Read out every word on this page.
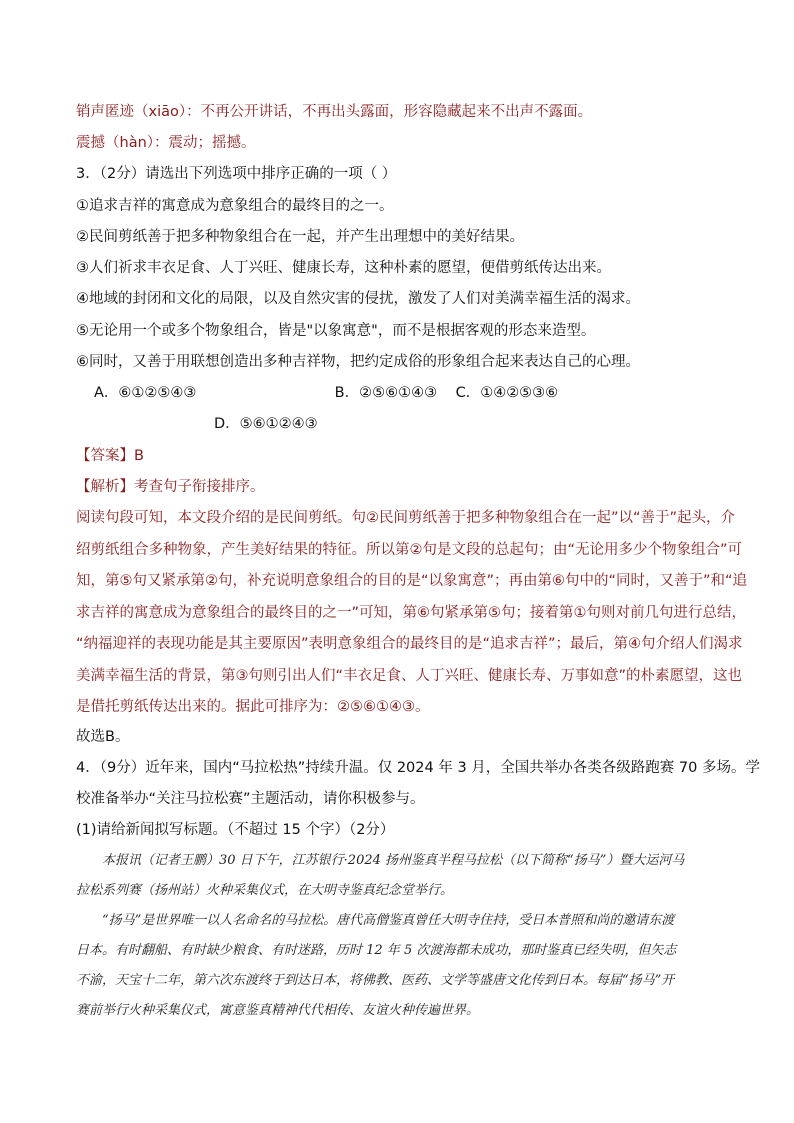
销声匿迹（xiāo）：不再公开讲话，不再出头露面，形容隐藏起来不出声不露面。
震撼（hàn）：震动；摇撼。
3．（2分）请选出下列选项中排序正确的一项（ ）
①追求吉祥的寓意成为意象组合的最终目的之一。
②民间剪纸善于把多种物象组合在一起，并产生出理想中的美好结果。
③人们祈求丰衣足食、人丁兴旺、健康长寿，这种朴素的愿望，便借剪纸传达出来。
④地域的封闭和文化的局限，以及自然灾害的侵扰，激发了人们对美满幸福生活的渴求。
⑤无论用一个或多个物象组合，皆是"以象寓意"，而不是根据客观的形态来造型。
⑥同时，又善于用联想创造出多种吉祥物，把约定成俗的形象组合起来表达自己的心理。
A．⑥①②⑤④③                              B．②⑤⑥①④③    C．①④②⑤③⑥
D．⑤⑥①②④③
【答案】B
【解析】考查句子衔接排序。
阅读句段可知，本文段介绍的是民间剪纸。句②民间剪纸善于把多种物象组合在一起”以“善于”起头，介
绍剪纸组合多种物象，产生美好结果的特征。所以第②句是文段的总起句；由“无论用多少个物象组合”可
知，第⑤句又紧承第②句，补充说明意象组合的目的是“以象寓意”；再由第⑥句中的“同时，又善于”和“追
求吉祥的寓意成为意象组合的最终目的之一”可知，第⑥句紧承第⑤句；接着第①句则对前几句进行总结，
“纳福迎祥的表现功能是其主要原因”表明意象组合的最终目的是“追求吉祥”；最后，第④句介绍人们渴求
美满幸福生活的背景，第③句则引出人们“丰衣足食、人丁兴旺、健康长寿、万事如意”的朴素愿望，这也
是借托剪纸传达出来的。据此可排序为：②⑤⑥①④③。
故选B。
4．（9分）近年来，国内“马拉松热”持续升温。仅 2024 年 3 月，全国共举办各类各级路跑赛 70 多场。学
校准备举办“关注马拉松赛”主题活动，请你积极参与。
(1)请给新闻拟写标题。（不超过 15 个字）（2分）

本报讯（记者王鹏）30 日下午，江苏银行·2024 扬州鉴真半程马拉松（以下简称“扬马”）暨大运河马

拉松系列赛（扬州站）火种采集仪式，在大明寺鉴真纪念堂举行。

“扬马”是世界唯一以人名命名的马拉松。唐代高僧鉴真曾任大明寺住持，受日本普照和尚的邀请东渡

日本。有时翻船、有时缺少粮食、有时迷路，历时 12 年 5 次渡海都未成功，那时鉴真已经失明，但矢志

不渝，天宝十二年，第六次东渡终于到达日本，将佛教、医药、文学等盛唐文化传到日本。每届“扬马”开

赛前举行火种采集仪式，寓意鉴真精神代代相传、友谊火种传遍世界。
